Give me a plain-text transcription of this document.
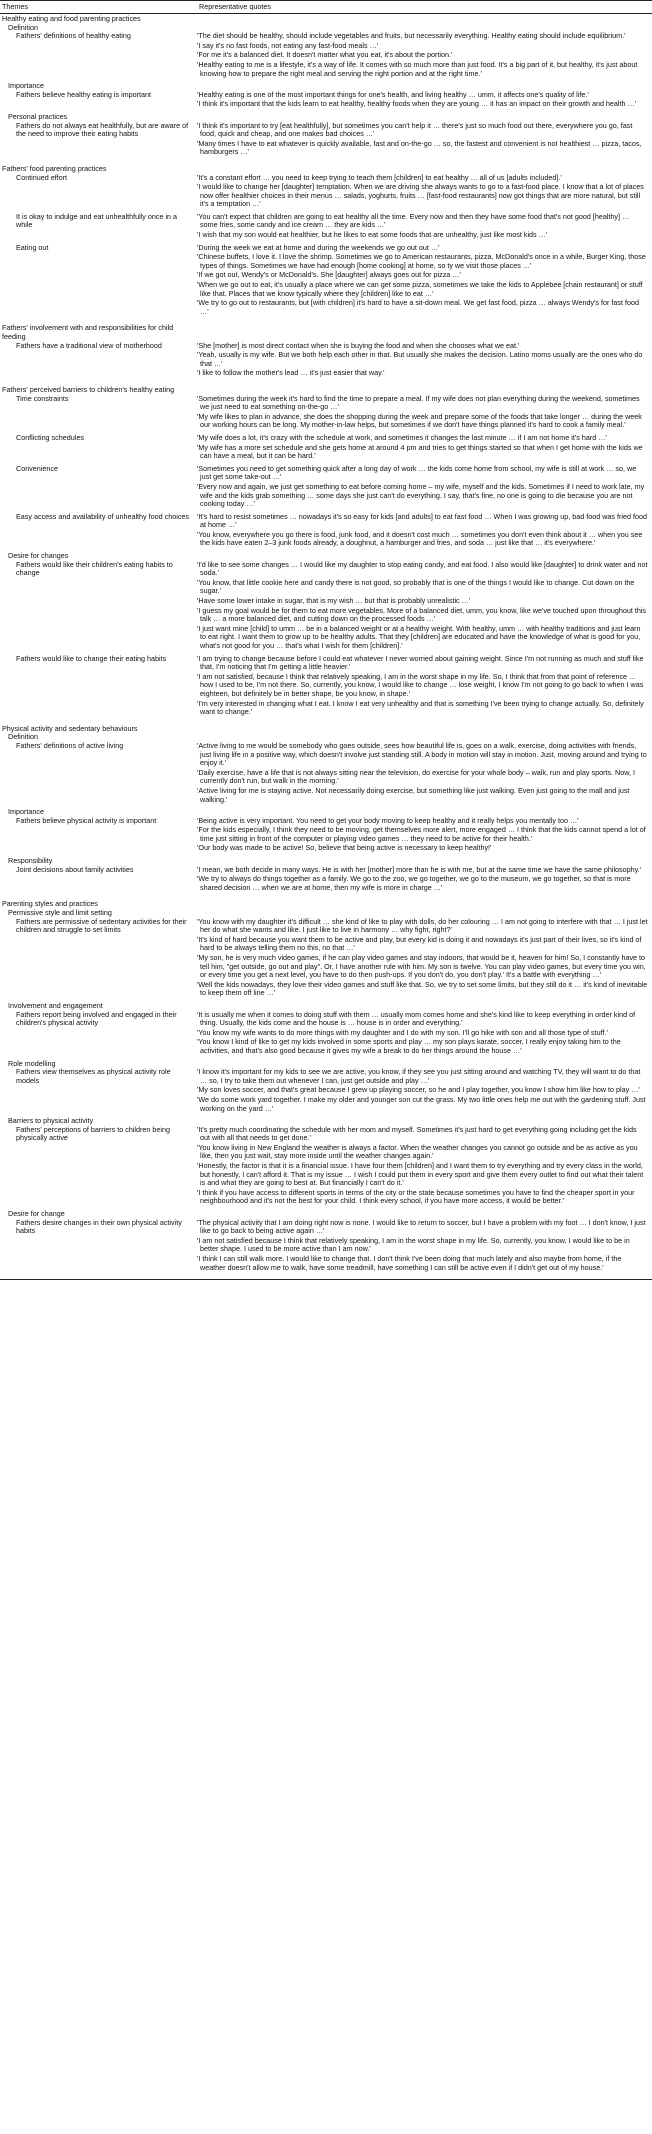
Themes	Representative quotes
Healthy eating and food parenting practices
Definition
Fathers' definitions of healthy eating	'The diet should be healthy, should include vegetables and fruits, but necessarily everything. Healthy eating should include equilibrium.'
'I say it's no fast foods, not eating any fast-food meals …'
'For me it's a balanced diet. It doesn't matter what you eat, it's about the portion.'
'Healthy eating to me is a lifestyle, it's a way of life. It comes with so much more than just food. It's a big part of it, but healthy, it's just about knowing how to prepare the right meal and serving the right portion and at the right time.'
Importance
Fathers believe healthy eating is important	'Healthy eating is one of the most important things for one's health, and living healthy … umm, it affects one's quality of life.'
'I think it's important that the kids learn to eat healthy, healthy foods when they are young … it has an impact on their growth and health …'
Personal practices
Fathers do not always eat healthfully, but are aware of the need to improve their eating habits
'I think it's important to try [eat healthfully], but sometimes you can't help it … there's just so much food out there, everywhere you go, fast food, quick and cheap, and one makes bad choices …'
'Many times I have to eat whatever is quickly available, fast and on-the-go … so, the fastest and convenient is not healthiest … pizza, tacos, hamburgers …'
Fathers' food parenting practices
Continued effort	'It's a constant effort … you need to keep trying to teach them [children] to eat healthy … all of us [adults included].'
'I would like to change her [daughter] temptation. When we are driving she always wants to go to a fast-food place. I know that a lot of places now offer healthier choices in their menus … salads, yoghurts, fruits … [fast-food restaurants] now got things that are more natural, but still it's a temptation …'
It is okay to indulge and eat unhealthfully once in a while
'You can't expect that children are going to eat healthy all the time. Every now and then they have some food that's not good [healthy] … some fries, some candy and ice cream … they are kids …'
'I wish that my son would eat healthier, but he likes to eat some foods that are unhealthy, just like most kids …'
Eating out	'During the week we eat at home and during the weekends we go out out …'
'Chinese buffets, I love it. I love the shrimp. Sometimes we go to American restaurants, pizza, McDonald's once in a while, Burger King, those types of things. Sometimes we have had enough [home cooking] at home, so ty we visit those places …'
'If we got out, Wendy's or McDonald's. She [daughter] always goes out for pizza …'
'When we go out to eat, it's usually a place where we can get some pizza, sometimes we take the kids to Applebee [chain restaurant] or stuff like that. Places that we know typically where they [children] like to eat …'
'We try to go out to restaurants, but [with children] it's hard to have a sit-down meal. We get fast food, pizza … always Wendy's for fast food …'
Fathers' involvement with and responsibilities for child feeding
Fathers have a traditional view of motherhood	'She [mother] is most direct contact when she is buying the food and when she chooses what we eat.'
'Yeah, usually is my wife. But we both help each other in that. But usually she makes the decision. Latino moms usually are the ones who do that …'
'I like to follow the mother's lead … it's just easier that way.'
Fathers' perceived barriers to children's healthy eating
Time constraints	'Sometimes during the week it's hard to find the time to prepare a meal. If my wife does not plan everything during the weekend, sometimes we just need to eat something on-the-go …'
'My wife likes to plan in advance, she does the shopping during the week and prepare some of the foods that take longer … during the week our working hours can be long. My mother-in-law helps, but sometimes if we don't have things planned it's hard to cook a family meal.'
Conflicting schedules	'My wife does a lot, it's crazy with the schedule at work, and sometimes it changes the last minute … if I am not home it's hard …'
'My wife has a more set schedule and she gets home at around 4 pm and tries to get things started so that when I get home with the kids we can have a meal, but it can be hard.'
Convenience	'Sometimes you need to get something quick after a long day of work … the kids come home from school, my wife is still at work … so, we just get some take-out …'
'Every now and again, we just get something to eat before coming home – my wife, myself and the kids. Sometimes if I need to work late, my wife and the kids grab something … some days she just can't do everything. I say, that's fine, no one is going to die because you are not cooking today …'
Easy access and availability of unhealthy food choices	'It's hard to resist sometimes … nowadays it's so easy for kids [and adults] to eat fast food … When I was growing up, bad food was fried food at home …'
'You know, everywhere you go there is food, junk food, and it doesn't cost much … sometimes you don't even think about it … when you see the kids have eaten 2–3 junk foods already, a doughnut, a hamburger and fries, and soda … just like that … it's everywhere.'
Desire for changes
Fathers would like their children's eating habits to change
'I'd like to see some changes … I would like my daughter to stop eating candy, and eat food. I also would like [daughter] to drink water and not soda.'
'You know, that little cookie here and candy there is not good, so probably that is one of the things I would like to change. Cut down on the sugar.'
'Have some lower intake in sugar, that is my wish … but that is probably unrealistic …'
'I guess my goal would be for them to eat more vegetables. More of a balanced diet, umm, you know, like we've touched upon throughout this talk … a more balanced diet, and cutting down on the processed foods …'
'I just want mine [child] to umm … be in a balanced weight or at a healthy weight. With healthy, umm … with healthy traditions and just learn to eat right. I want them to grow up to be healthy adults. That they [children] are educated and have the knowledge of what is good for you, what's not good for you … that's what I wish for them [children].'
Fathers would like to change their eating habits	'I am trying to change because before I could eat whatever I never worried about gaining weight. Since I'm not running as much and stuff like that, I'm noticing that I'm getting a little heavier.'
'I am not satisfied, because I think that relatively speaking, I am in the worst shape in my life. So, I think that from that point of reference … how I used to be, I'm not there. So, currently, you know, I would like to change … lose weight, I know I'm not going to go back to when I was eighteen, but definitely be in better shape, be you know, in shape.'
'I'm very interested in changing what I eat. I know I eat very unhealthy and that is something I've been trying to change actually. So, definitely want to change.'
Physical activity and sedentary behaviours
Definition
Fathers' definitions of active living	'Active living to me would be somebody who goes outside, sees how beautiful life is, goes on a walk, exercise, doing activities with friends, just living life in a positive way, which doesn't involve just standing still. A body in motion will stay in motion. Just, moving around and trying to enjoy it.'
'Daily exercise, have a life that is not always sitting near the television, do exercise for your whole body – walk, run and play sports. Now, I currently don't run, but walk in the morning.'
'Active living for me is staying active. Not necessarily doing exercise, but something like just walking. Even just going to the mall and just walking.'
Importance
Fathers believe physical activity is important	'Being active is very important. You need to get your body moving to keep healthy and it really helps you mentally too …'
'For the kids especially, I think they need to be moving, get themselves more alert, more engaged … I think that the kids cannot spend a lot of time just sitting in front of the computer or playing video games … they need to be active for their health.'
'Our body was made to be active! So, believe that being active is necessary to keep healthy!'
Responsibility
Joint decisions about family activities	'I mean, we both decide in many ways. He is with her [mother] more than he is with me, but at the same time we have the same philosophy.'
'We try to always do things together as a family. We go to the zoo, we go together, we go to the museum, we go together, so that is more shared decision … when we are at home, then my wife is more in charge …'
Parenting styles and practices
Permissive style and limit setting
Fathers are permissive of sedentary activities for their children and struggle to set limits
'You know with my daughter it's difficult … she kind of like to play with dolls, do her colouring … I am not going to interfere with that … I just let her do what she wants and like. I just like to live in harmony … why fight, right?'
'It's kind of hard because you want them to be active and play, but every kid is doing it and nowadays it's just part of their lives, so it's kind of hard to be always telling them no this, no that …'
'My son, he is very much video games, if he can play video games and stay indoors, that would be it, heaven for him! So, I constantly have to tell him, "get outside, go out and play". Or, I have another rule with him. My son is twelve. You can play video games, but every time you win, or every time you get a next level, you have to do then push-ups. If you don't do, you don't play.' It's a battle with everything …'
'Well the kids nowadays, they love their video games and stuff like that. So, we try to set some limits, but they still do it … it's kind of inevitable to keep them off line …'
Involvement and engagement
Fathers report being involved and engaged in their children's physical activity
'It is usually me when it comes to doing stuff with them … usually mom comes home and she's kind like to keep everything in order kind of thing. Usually, the kids come and the house is … house is in order and everything.'
'You know my wife wants to do more things with my daughter and I do with my son. I'll go hike with son and all those type of stuff.'
'You know I kind of like to get my kids involved in some sports and play … my son plays karate, soccer, I really enjoy taking him to the activities, and that's also good because it gives my wife a break to do her things around the house …'
Role modelling
Fathers view themselves as physical activity role models
'I know it's important for my kids to see we are active, you know, if they see you just sitting around and watching TV, they will want to do that … so, I try to take them out whenever I can, just get outside and play …'
'My son loves soccer, and that's great because I grew up playing soccer, so he and I play together, you know I show him like how to play …'
'We do some work yard together. I make my older and younger son cut the grass. My two little ones help me out with the gardening stuff. Just working on the yard …'
Barriers to physical activity
Fathers' perceptions of barriers to children being physically active
'It's pretty much coordinating the schedule with her mom and myself. Sometimes it's just hard to get everything going including get the kids out with all that needs to get done.'
'You know living in New England the weather is always a factor. When the weather changes you cannot go outside and be as active as you like, then you just wait, stay more inside until the weather changes again.'
'Honestly, the factor is that it is a financial issue. I have four them [children] and I want them to try everything and try every class in the world, but honestly, I can't afford it. That is my issue … I wish I could put them in every sport and give them every outlet to find out what their talent is and what they are going to best at. But financially I can't do it.'
'I think if you have access to different sports in terms of the city or the state because sometimes you have to find the cheaper sport in your neighbourhood and it's not the best for your child. I think every school, if you have more access, it would be better.'
Desire for change
Fathers desire changes in their own physical activity habits
'The physical activity that I am doing right now is none. I would like to return to soccer, but I have a problem with my foot … I don't know, I just like to go back to being active again …'
'I am not satisfied because I think that relatively speaking, I am in the worst shape in my life. So, currently, you know, I would like to be in better shape. I used to be more active than I am now.'
'I think I can still walk more. I would like to change that. I don't think I've been doing that much lately and also maybe from home, if the weather doesn't allow me to walk, have some treadmill, have something I can still be active even if I didn't get out of my house.'
